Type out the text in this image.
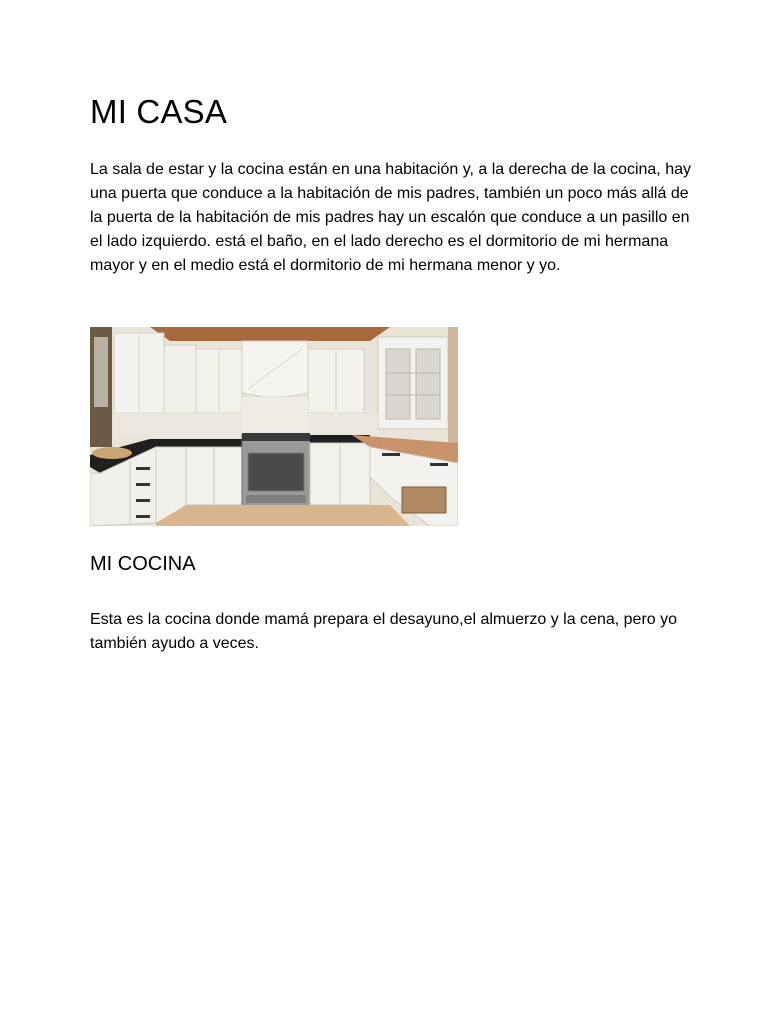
MI CASA

La sala de estar y la cocina están en una habitación y, a la derecha de la cocina, hay una puerta que conduce a la habitación de mis padres, también un poco más allá de la puerta de la habitación de mis padres hay un escalón que conduce a un pasillo en el lado izquierdo. está el baño, en el lado derecho es el dormitorio de mi hermana mayor y en el medio está el dormitorio de mi hermana menor y yo.

MI COCINA

Esta es la cocina donde mamá prepara el desayuno,el almuerzo y la cena, pero yo también ayudo a veces.
